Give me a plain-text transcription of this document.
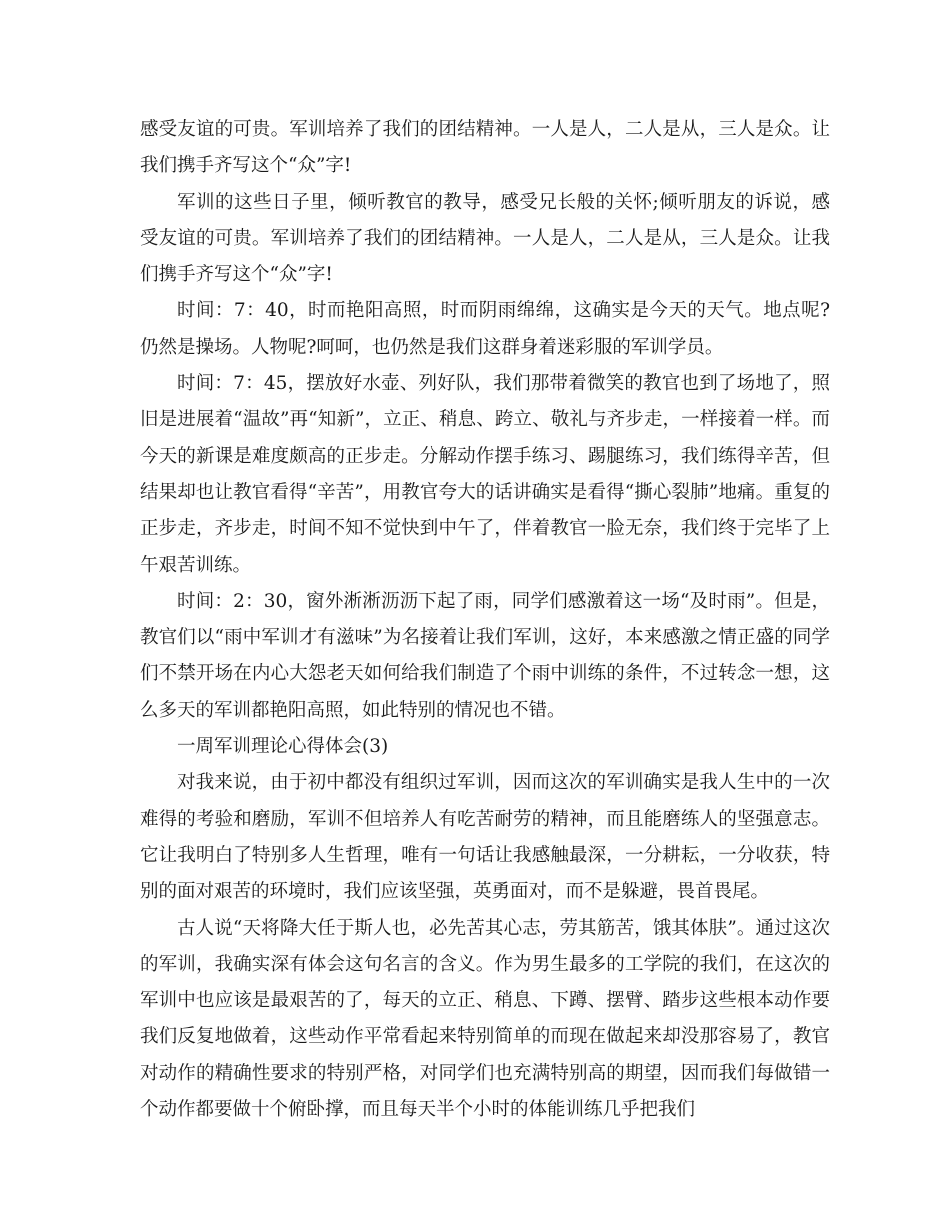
感受友谊的可贵。军训培养了我们的团结精神。一人是人，二人是从，三人是众。让我们携手齐写这个“众”字!

军训的这些日子里，倾听教官的教导，感受兄长般的关怀;倾听朋友的诉说，感受友谊的可贵。军训培养了我们的团结精神。一人是人，二人是从，三人是众。让我们携手齐写这个“众”字!

时间：7：40，时而艳阳高照，时而阴雨绵绵，这确实是今天的天气。地点呢?仍然是操场。人物呢?呵呵，也仍然是我们这群身着迷彩服的军训学员。

时间：7：45，摆放好水壶、列好队，我们那带着微笑的教官也到了场地了，照旧是进展着“温故”再“知新”，立正、稍息、跨立、敬礼与齐步走，一样接着一样。而今天的新课是难度颇高的正步走。分解动作摆手练习、踢腿练习，我们练得辛苦，但结果却也让教官看得“辛苦”，用教官夸大的话讲确实是看得“撕心裂肺”地痛。重复的正步走，齐步走，时间不知不觉快到中午了，伴着教官一脸无奈，我们终于完毕了上午艰苦训练。

时间：2：30，窗外淅淅沥沥下起了雨，同学们感激着这一场“及时雨”。但是，教官们以“雨中军训才有滋味”为名接着让我们军训，这好，本来感激之情正盛的同学们不禁开场在内心大怨老天如何给我们制造了个雨中训练的条件，不过转念一想，这么多天的军训都艳阳高照，如此特别的情况也不错。

一周军训理论心得体会(3)

对我来说，由于初中都没有组织过军训，因而这次的军训确实是我人生中的一次难得的考验和磨励，军训不但培养人有吃苦耐劳的精神，而且能磨练人的坚强意志。它让我明白了特别多人生哲理，唯有一句话让我感触最深，一分耕耘，一分收获，特别的面对艰苦的环境时，我们应该坚强，英勇面对，而不是躲避，畏首畏尾。

古人说“天将降大任于斯人也，必先苦其心志，劳其筋苦，饿其体肤”。通过这次的军训，我确实深有体会这句名言的含义。作为男生最多的工学院的我们，在这次的军训中也应该是最艰苦的了，每天的立正、稍息、下蹲、摆臂、踏步这些根本动作要我们反复地做着，这些动作平常看起来特别简单的而现在做起来却没那容易了，教官对动作的精确性要求的特别严格，对同学们也充满特别高的期望，因而我们每做错一个动作都要做十个俯卧撑，而且每天半个小时的体能训练几乎把我们
